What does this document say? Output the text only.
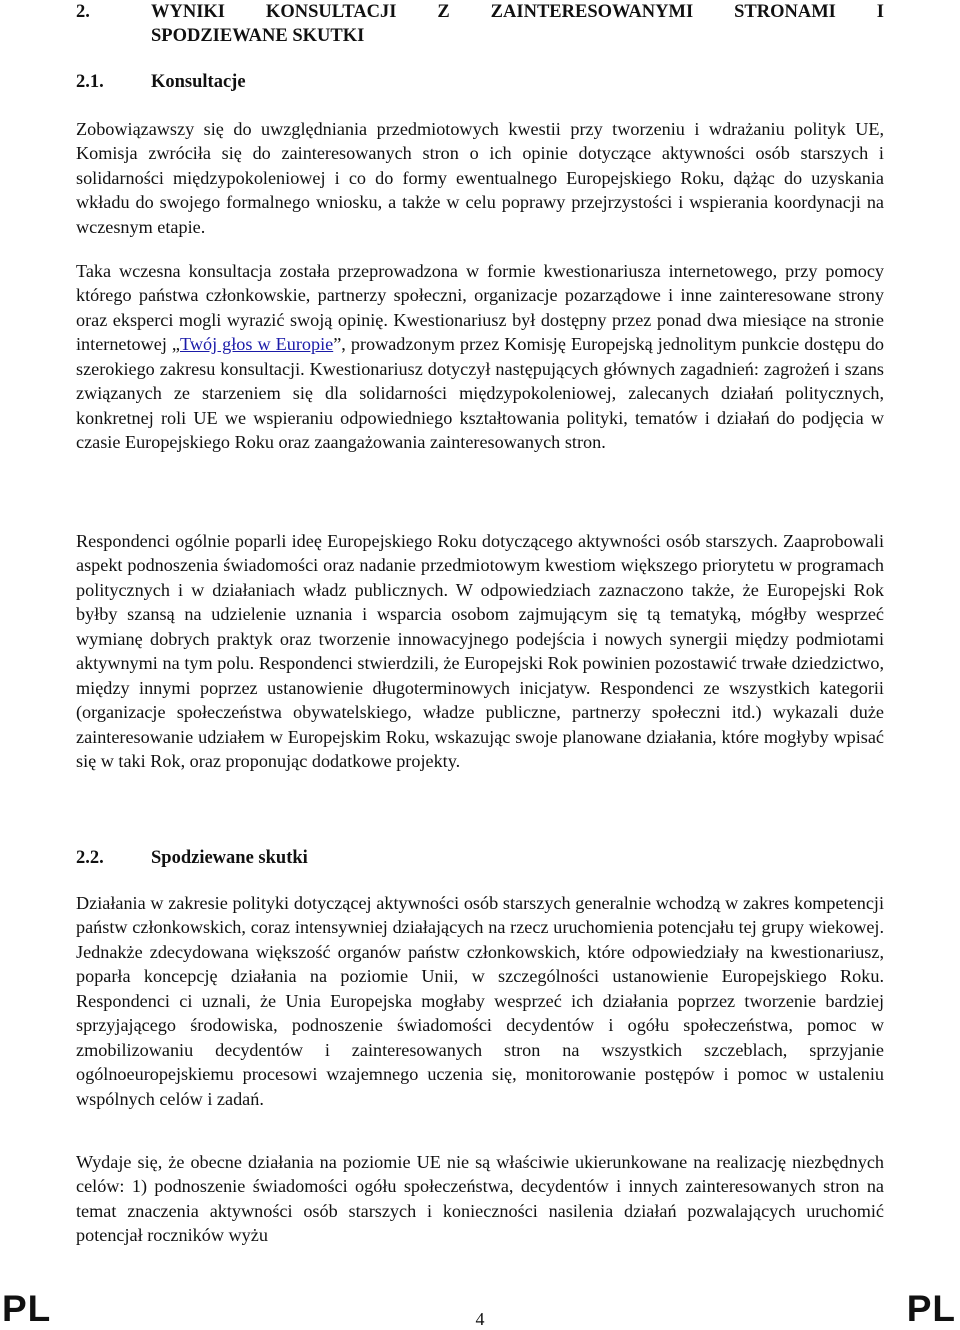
2.	WYNIKI KONSULTACJI Z ZAINTERESOWANYMI STRONAMI I
SPODZIEWANE SKUTKI
2.1.	Konsultacje

Zobowiązawszy się do uwzględniania przedmiotowych kwestii przy tworzeniu i wdrażaniu polityk UE, Komisja zwróciła się do zainteresowanych stron o ich opinie dotyczące aktywności osób starszych i solidarności międzypokoleniowej i co do formy ewentualnego Europejskiego Roku, dążąc do uzyskania wkładu do swojego formalnego wniosku, a także w celu poprawy przejrzystości i wspierania koordynacji na wczesnym etapie.

Taka wczesna konsultacja została przeprowadzona w formie kwestionariusza internetowego, przy pomocy którego państwa członkowskie, partnerzy społeczni, organizacje pozarządowe i inne zainteresowane strony oraz eksperci mogli wyrazić swoją opinię. Kwestionariusz był dostępny przez ponad dwa miesiące na stronie internetowej „Twój głos w Europie”, prowadzonym przez Komisję Europejską jednolitym punkcie dostępu do szerokiego zakresu konsultacji. Kwestionariusz dotyczył następujących głównych zagadnień: zagrożeń i szans związanych ze starzeniem się dla solidarności międzypokoleniowej, zalecanych działań politycznych, konkretnej roli UE we wspieraniu odpowiedniego kształtowania polityki, tematów i działań do podjęcia w czasie Europejskiego Roku oraz zaangażowania zainteresowanych stron.

Respondenci ogólnie poparli ideę Europejskiego Roku dotyczącego aktywności osób starszych. Zaaprobowali aspekt podnoszenia świadomości oraz nadanie przedmiotowym kwestiom większego priorytetu w programach politycznych i w działaniach władz publicznych. W odpowiedziach zaznaczono także, że Europejski Rok byłby szansą na udzielenie uznania i wsparcia osobom zajmującym się tą tematyką, mógłby wesprzeć wymianę dobrych praktyk oraz tworzenie innowacyjnego podejścia i nowych synergii między podmiotami aktywnymi na tym polu. Respondenci stwierdzili, że Europejski Rok powinien pozostawić trwałe dziedzictwo, między innymi poprzez ustanowienie długoterminowych inicjatyw. Respondenci ze wszystkich kategorii (organizacje społeczeństwa obywatelskiego, władze publiczne, partnerzy społeczni itd.) wykazali duże zainteresowanie udziałem w Europejskim Roku, wskazując swoje planowane działania, które mogłyby wpisać się w taki Rok, oraz proponując dodatkowe projekty.

2.2.	Spodziewane skutki

Działania w zakresie polityki dotyczącej aktywności osób starszych generalnie wchodzą w zakres kompetencji państw członkowskich, coraz intensywniej działających na rzecz uruchomienia potencjału tej grupy wiekowej. Jednakże zdecydowana większość organów państw członkowskich, które odpowiedziały na kwestionariusz, poparła koncepcję działania na poziomie Unii, w szczególności ustanowienie Europejskiego Roku. Respondenci ci uznali, że Unia Europejska mogłaby wesprzeć ich działania poprzez tworzenie bardziej sprzyjającego środowiska, podnoszenie świadomości decydentów i ogółu społeczeństwa, pomoc w zmobilizowaniu decydentów i zainteresowanych stron na wszystkich szczeblach, sprzyjanie ogólnoeuropejskiemu procesowi wzajemnego uczenia się, monitorowanie postępów i pomoc w ustaleniu wspólnych celów i zadań.

Wydaje się, że obecne działania na poziomie UE nie są właściwie ukierunkowane na realizację niezbędnych celów: 1) podnoszenie świadomości ogółu społeczeństwa, decydentów i innych zainteresowanych stron na temat znaczenia aktywności osób starszych i konieczności nasilenia działań pozwalających uruchomić potencjał roczników wyżu

PL	4	PL
